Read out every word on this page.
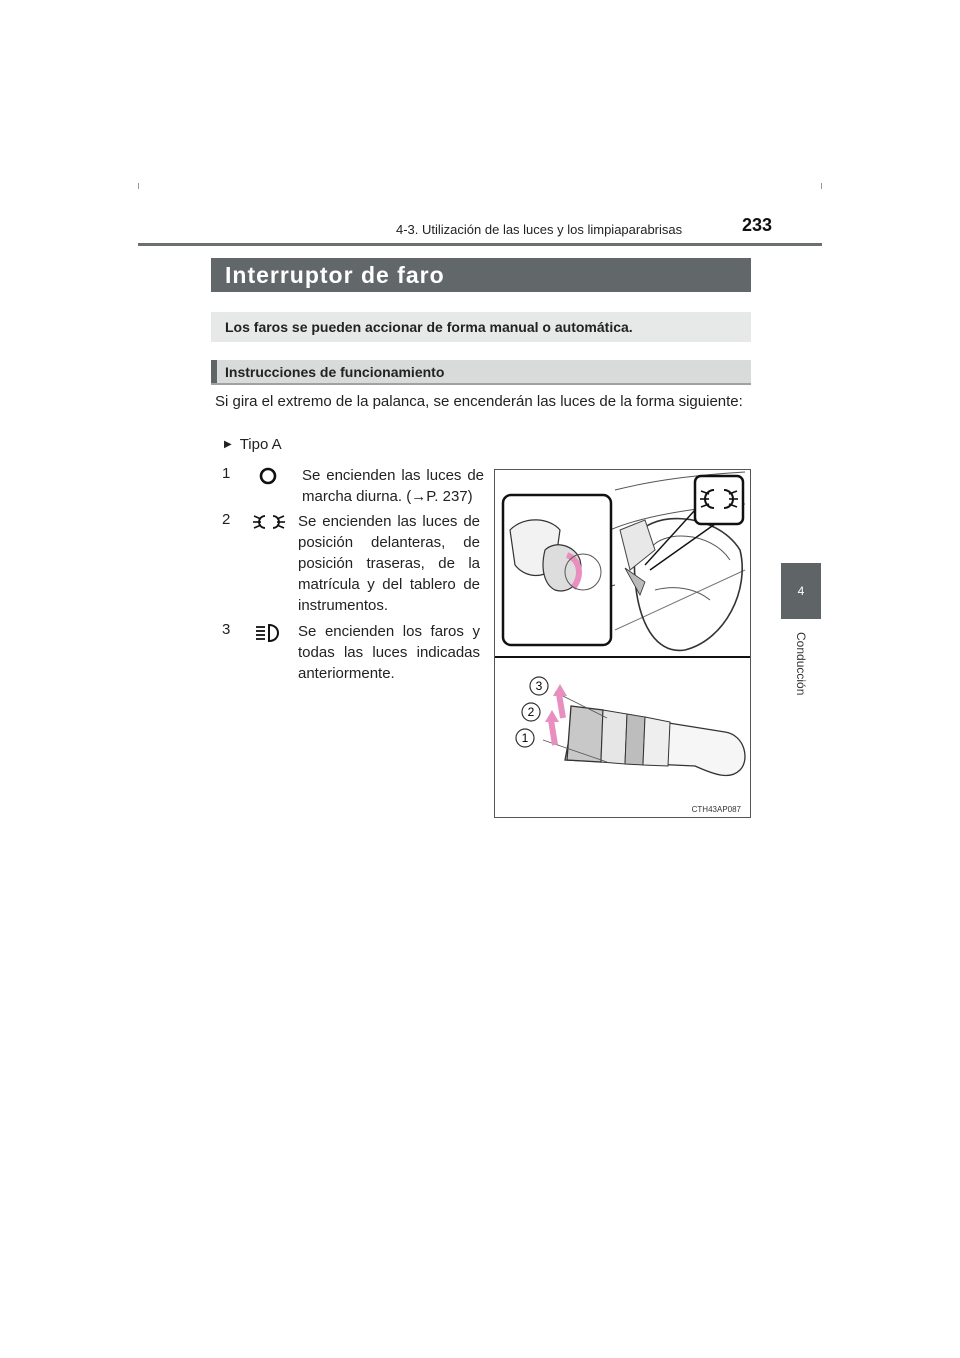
4-3. Utilización de las luces y los limpiaparabrisas	233
4
Conducción
Interruptor de faro
Los faros se pueden accionar de forma manual o automática.
Instrucciones de funcionamiento
Si gira el extremo de la palanca, se encenderán las luces de la forma siguiente:
▶ Tipo A
1	Se encienden las luces de marcha diurna. (→P. 237)
2	Se encienden las luces de posición delanteras, de posición traseras, de la matrícula y del tablero de instrumentos.
3	Se encienden los faros y todas las luces indicadas anteriormente.
1
2
3
CTH43AP087
